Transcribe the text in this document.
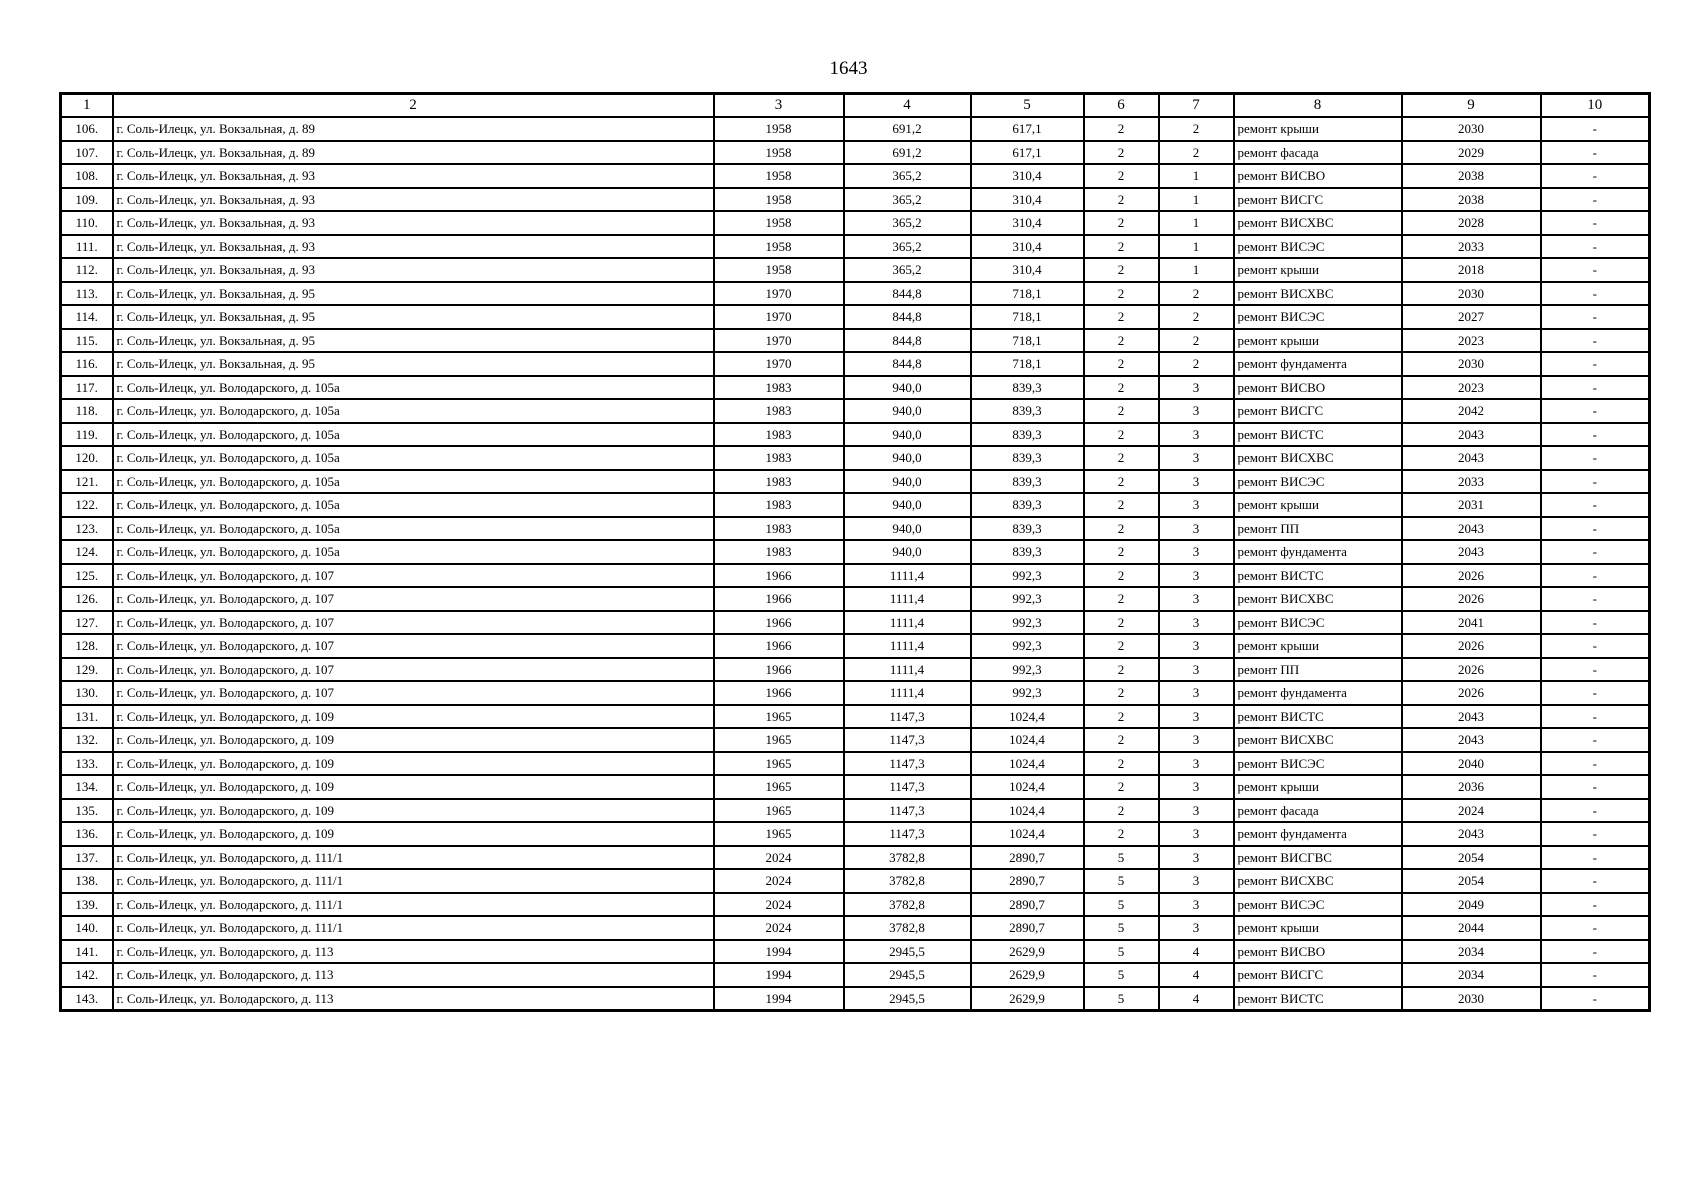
1643
1	2	3	4	5	6	7	8	9	10
106.	г. Соль-Илецк, ул. Вокзальная, д. 89	1958	691,2	617,1	2	2	ремонт крыши	2030	-
107.	г. Соль-Илецк, ул. Вокзальная, д. 89	1958	691,2	617,1	2	2	ремонт фасада	2029	-
108.	г. Соль-Илецк, ул. Вокзальная, д. 93	1958	365,2	310,4	2	1	ремонт ВИСВО	2038	-
109.	г. Соль-Илецк, ул. Вокзальная, д. 93	1958	365,2	310,4	2	1	ремонт ВИСГС	2038	-
110.	г. Соль-Илецк, ул. Вокзальная, д. 93	1958	365,2	310,4	2	1	ремонт ВИСХВС	2028	-
111.	г. Соль-Илецк, ул. Вокзальная, д. 93	1958	365,2	310,4	2	1	ремонт ВИСЭС	2033	-
112.	г. Соль-Илецк, ул. Вокзальная, д. 93	1958	365,2	310,4	2	1	ремонт крыши	2018	-
113.	г. Соль-Илецк, ул. Вокзальная, д. 95	1970	844,8	718,1	2	2	ремонт ВИСХВС	2030	-
114.	г. Соль-Илецк, ул. Вокзальная, д. 95	1970	844,8	718,1	2	2	ремонт ВИСЭС	2027	-
115.	г. Соль-Илецк, ул. Вокзальная, д. 95	1970	844,8	718,1	2	2	ремонт крыши	2023	-
116.	г. Соль-Илецк, ул. Вокзальная, д. 95	1970	844,8	718,1	2	2	ремонт фундамента	2030	-
117.	г. Соль-Илецк, ул. Володарского, д. 105а	1983	940,0	839,3	2	3	ремонт ВИСВО	2023	-
118.	г. Соль-Илецк, ул. Володарского, д. 105а	1983	940,0	839,3	2	3	ремонт ВИСГС	2042	-
119.	г. Соль-Илецк, ул. Володарского, д. 105а	1983	940,0	839,3	2	3	ремонт ВИСТС	2043	-
120.	г. Соль-Илецк, ул. Володарского, д. 105а	1983	940,0	839,3	2	3	ремонт ВИСХВС	2043	-
121.	г. Соль-Илецк, ул. Володарского, д. 105а	1983	940,0	839,3	2	3	ремонт ВИСЭС	2033	-
122.	г. Соль-Илецк, ул. Володарского, д. 105а	1983	940,0	839,3	2	3	ремонт крыши	2031	-
123.	г. Соль-Илецк, ул. Володарского, д. 105а	1983	940,0	839,3	2	3	ремонт ПП	2043	-
124.	г. Соль-Илецк, ул. Володарского, д. 105а	1983	940,0	839,3	2	3	ремонт фундамента	2043	-
125.	г. Соль-Илецк, ул. Володарского, д. 107	1966	1111,4	992,3	2	3	ремонт ВИСТС	2026	-
126.	г. Соль-Илецк, ул. Володарского, д. 107	1966	1111,4	992,3	2	3	ремонт ВИСХВС	2026	-
127.	г. Соль-Илецк, ул. Володарского, д. 107	1966	1111,4	992,3	2	3	ремонт ВИСЭС	2041	-
128.	г. Соль-Илецк, ул. Володарского, д. 107	1966	1111,4	992,3	2	3	ремонт крыши	2026	-
129.	г. Соль-Илецк, ул. Володарского, д. 107	1966	1111,4	992,3	2	3	ремонт ПП	2026	-
130.	г. Соль-Илецк, ул. Володарского, д. 107	1966	1111,4	992,3	2	3	ремонт фундамента	2026	-
131.	г. Соль-Илецк, ул. Володарского, д. 109	1965	1147,3	1024,4	2	3	ремонт ВИСТС	2043	-
132.	г. Соль-Илецк, ул. Володарского, д. 109	1965	1147,3	1024,4	2	3	ремонт ВИСХВС	2043	-
133.	г. Соль-Илецк, ул. Володарского, д. 109	1965	1147,3	1024,4	2	3	ремонт ВИСЭС	2040	-
134.	г. Соль-Илецк, ул. Володарского, д. 109	1965	1147,3	1024,4	2	3	ремонт крыши	2036	-
135.	г. Соль-Илецк, ул. Володарского, д. 109	1965	1147,3	1024,4	2	3	ремонт фасада	2024	-
136.	г. Соль-Илецк, ул. Володарского, д. 109	1965	1147,3	1024,4	2	3	ремонт фундамента	2043	-
137.	г. Соль-Илецк, ул. Володарского, д. 111/1	2024	3782,8	2890,7	5	3	ремонт ВИСГВС	2054	-
138.	г. Соль-Илецк, ул. Володарского, д. 111/1	2024	3782,8	2890,7	5	3	ремонт ВИСХВС	2054	-
139.	г. Соль-Илецк, ул. Володарского, д. 111/1	2024	3782,8	2890,7	5	3	ремонт ВИСЭС	2049	-
140.	г. Соль-Илецк, ул. Володарского, д. 111/1	2024	3782,8	2890,7	5	3	ремонт крыши	2044	-
141.	г. Соль-Илецк, ул. Володарского, д. 113	1994	2945,5	2629,9	5	4	ремонт ВИСВО	2034	-
142.	г. Соль-Илецк, ул. Володарского, д. 113	1994	2945,5	2629,9	5	4	ремонт ВИСГС	2034	-
143.	г. Соль-Илецк, ул. Володарского, д. 113	1994	2945,5	2629,9	5	4	ремонт ВИСТС	2030	-
